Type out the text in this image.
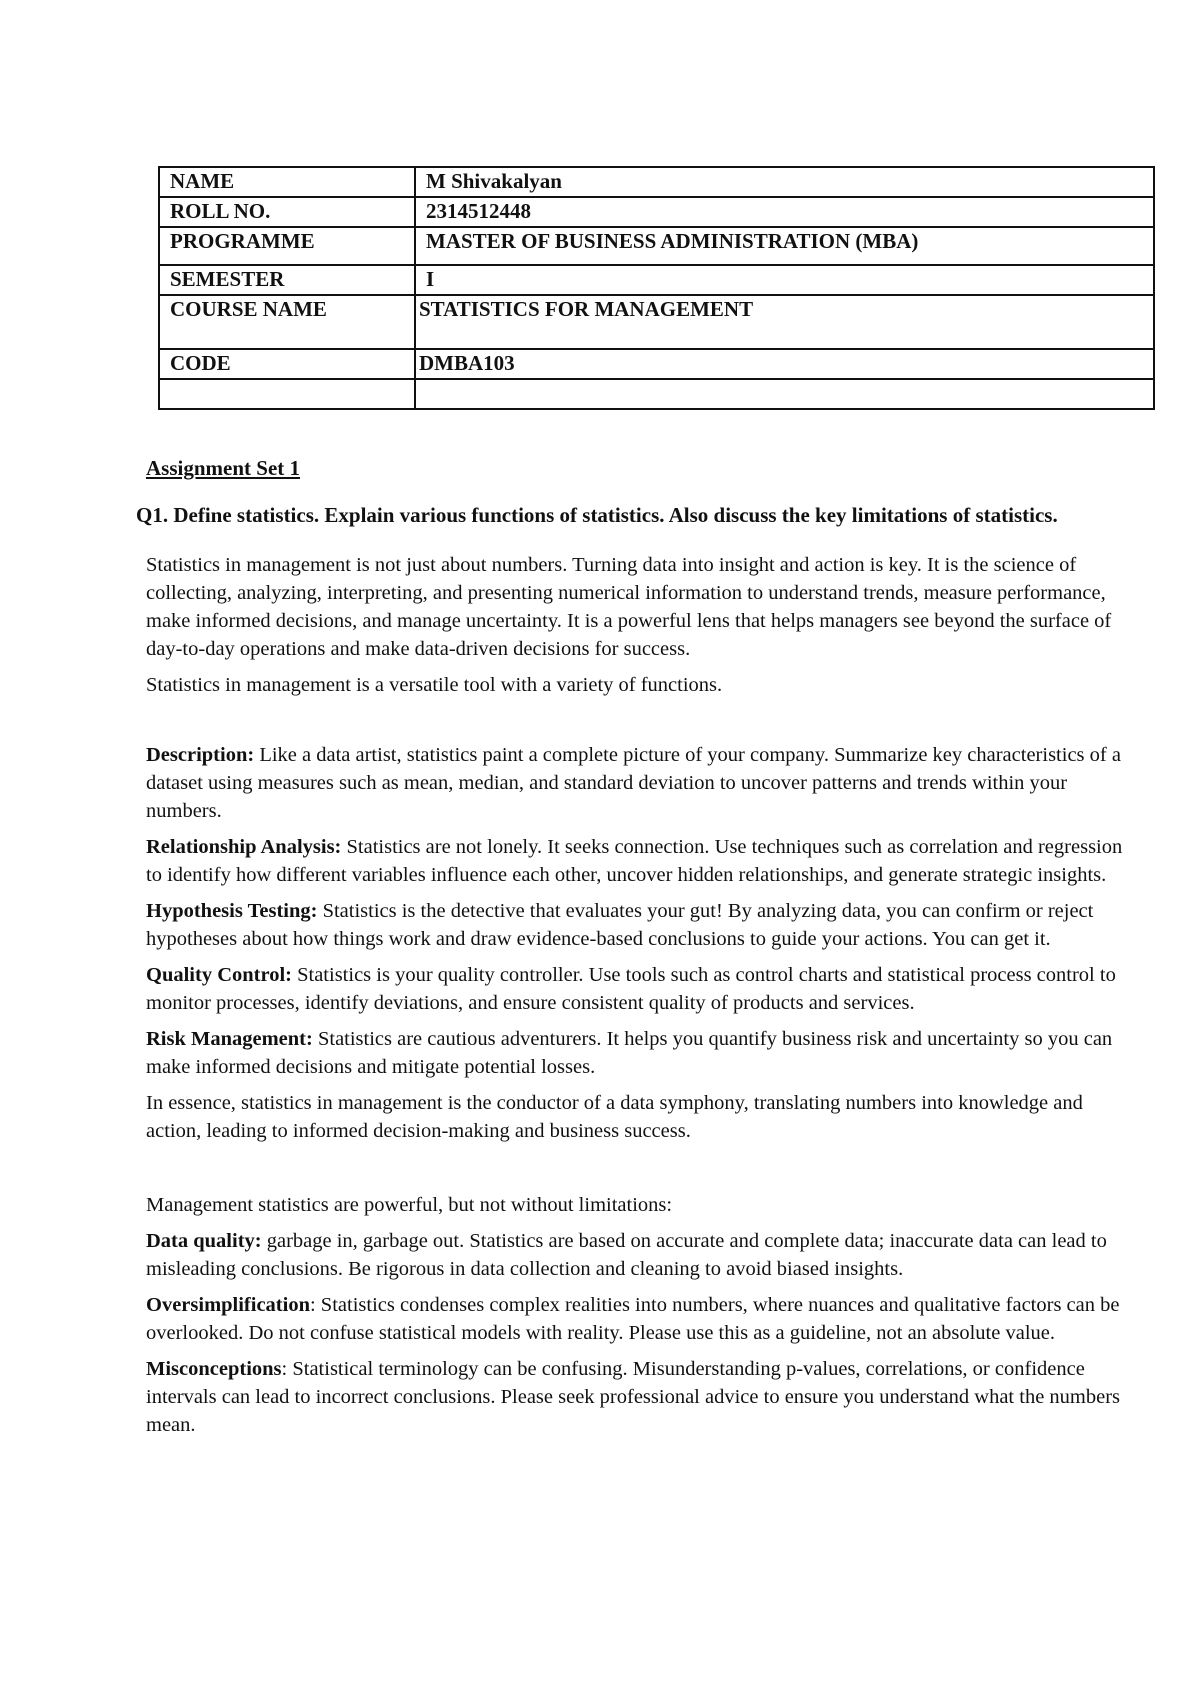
NAME	M Shivakalyan
ROLL NO.	2314512448
PROGRAMME	MASTER OF BUSINESS ADMINISTRATION (MBA)
SEMESTER	I
COURSE NAME	STATISTICS FOR MANAGEMENT
CODE	DMBA103

Assignment Set 1
Q1. Define statistics. Explain various functions of statistics. Also discuss the key limitations of statistics.

Statistics in management is not just about numbers. Turning data into insight and action is key. It is the science of collecting, analyzing, interpreting, and presenting numerical information to understand trends, measure performance, make informed decisions, and manage uncertainty. It is a powerful lens that helps managers see beyond the surface of day-to-day operations and make data-driven decisions for success.

Statistics in management is a versatile tool with a variety of functions.

Description: Like a data artist, statistics paint a complete picture of your company. Summarize key characteristics of a dataset using measures such as mean, median, and standard deviation to uncover patterns and trends within your numbers.

Relationship Analysis: Statistics are not lonely. It seeks connection. Use techniques such as correlation and regression to identify how different variables influence each other, uncover hidden relationships, and generate strategic insights.

Hypothesis Testing: Statistics is the detective that evaluates your gut! By analyzing data, you can confirm or reject hypotheses about how things work and draw evidence-based conclusions to guide your actions. You can get it.

Quality Control: Statistics is your quality controller. Use tools such as control charts and statistical process control to monitor processes, identify deviations, and ensure consistent quality of products and services.

Risk Management: Statistics are cautious adventurers. It helps you quantify business risk and uncertainty so you can make informed decisions and mitigate potential losses.

In essence, statistics in management is the conductor of a data symphony, translating numbers into knowledge and action, leading to informed decision-making and business success.

Management statistics are powerful, but not without limitations:

Data quality: garbage in, garbage out. Statistics are based on accurate and complete data; inaccurate data can lead to misleading conclusions. Be rigorous in data collection and cleaning to avoid biased insights.

Oversimplification: Statistics condenses complex realities into numbers, where nuances and qualitative factors can be overlooked. Do not confuse statistical models with reality. Please use this as a guideline, not an absolute value.

Misconceptions: Statistical terminology can be confusing. Misunderstanding p-values, correlations, or confidence intervals can lead to incorrect conclusions. Please seek professional advice to ensure you understand what the numbers mean.
